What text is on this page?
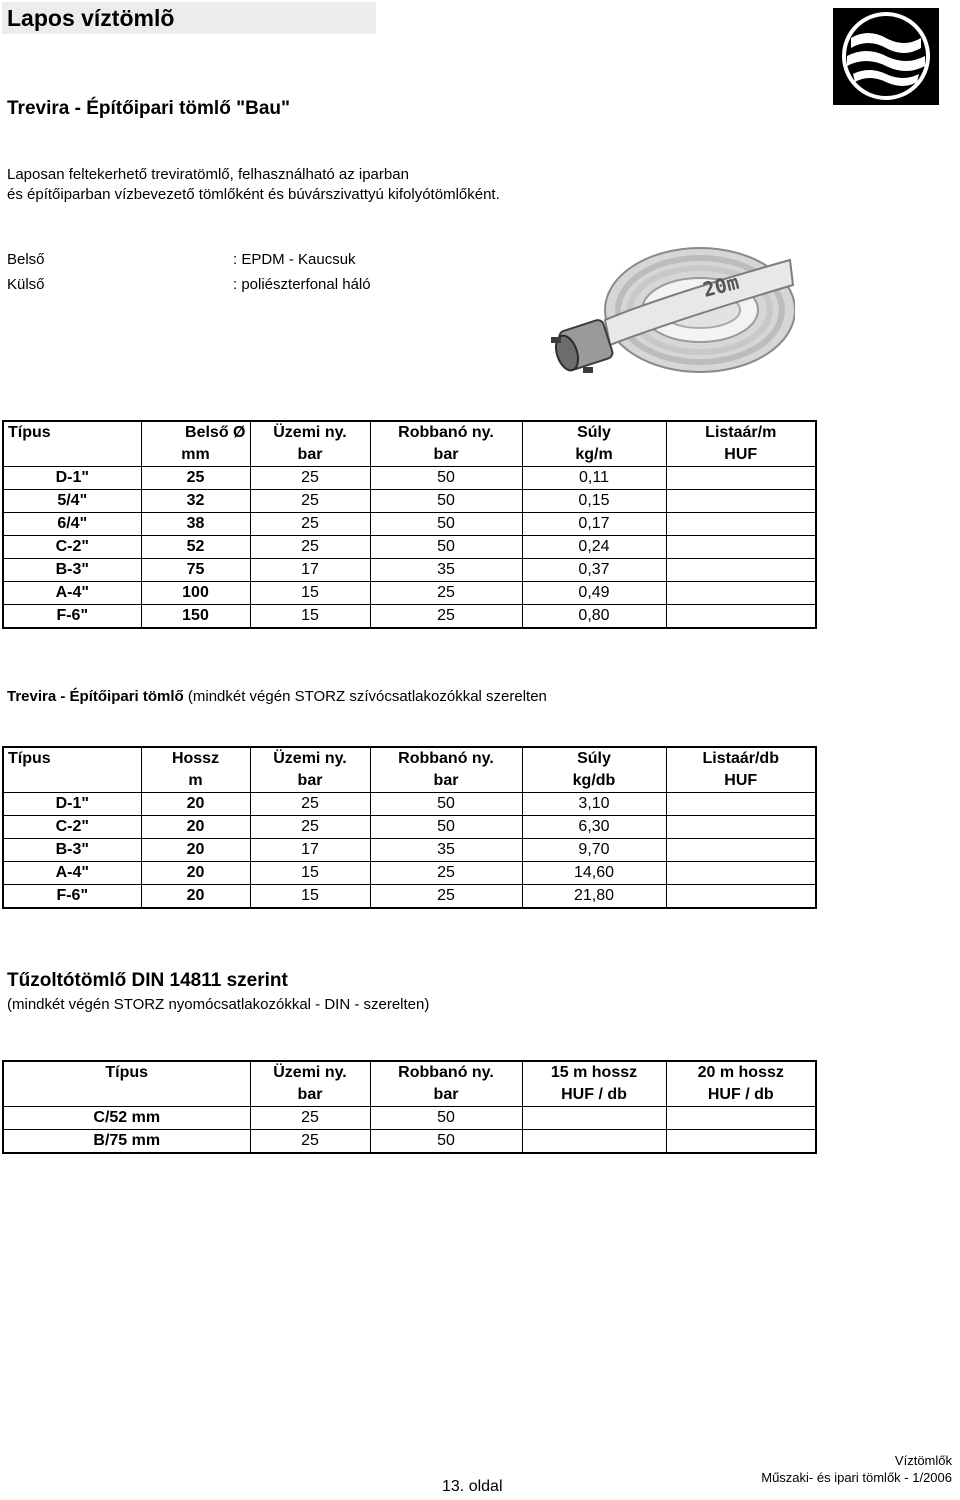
Lapos víztömlõ
Trevira - Építőipari tömlő "Bau"
Laposan feltekerhető treviratömlő, felhasználható az iparban
és építőiparban vízbevezető tömlőként és búvárszivattyú kifolyótömlőként.
Belső	: EPDM - Kaucsuk
Külső	: poliészterfonal háló	20m
Típus	Belső Ø	Üzemi ny.	Robbanó ny.	Súly	Listaár/m
	mm	bar	bar	kg/m	HUF
D-1"	25	25	50	0,11	
5/4"	32	25	50	0,15	
6/4"	38	25	50	0,17	
C-2"	52	25	50	0,24	
B-3"	75	17	35	0,37	
A-4"	100	15	25	0,49	
F-6"	150	15	25	0,80	
Trevira - Építőipari tömlő (mindkét végén STORZ szívócsatlakozókkal szerelten
Típus	Hossz	Üzemi ny.	Robbanó ny.	Súly	Listaár/db
	m	bar	bar	kg/db	HUF
D-1"	20	25	50	3,10	
C-2"	20	25	50	6,30	
B-3"	20	17	35	9,70	
A-4"	20	15	25	14,60	
F-6"	20	15	25	21,80	
Tűzoltótömlő DIN 14811 szerint
(mindkét végén STORZ nyomócsatlakozókkal - DIN - szerelten)
Típus	Üzemi ny.	Robbanó ny.	15 m hossz	20 m hossz
	bar	bar	HUF / db	HUF / db
C/52 mm	25	50		
B/75 mm	25	50		
13. oldal
Víztömlők
Műszaki- és ipari tömlők - 1/2006
